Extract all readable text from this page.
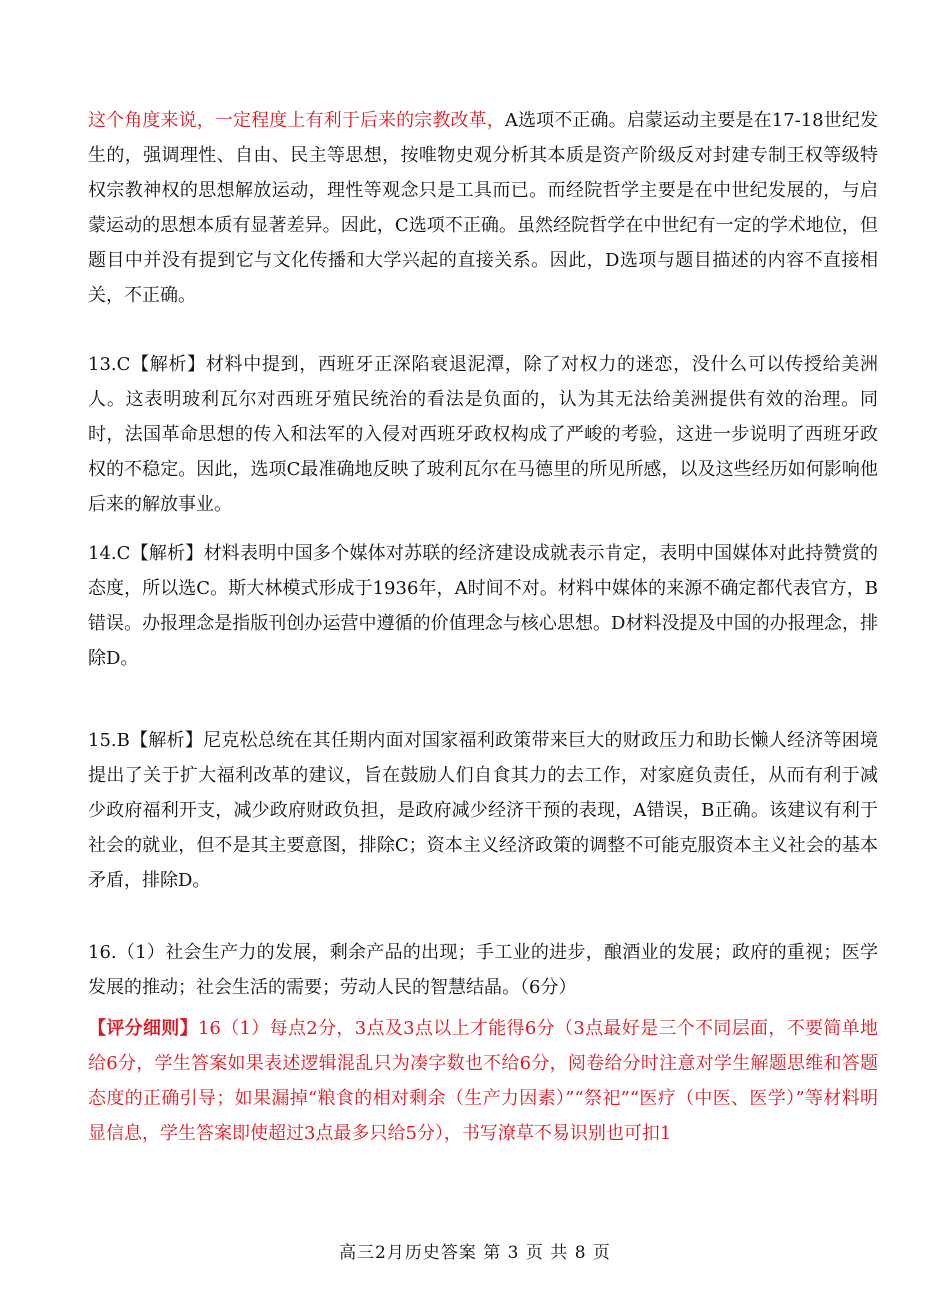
这个角度来说，一定程度上有利于后来的宗教改革，A选项不正确。启蒙运动主要是在17-18世纪发生的，强调理性、自由、民主等思想，按唯物史观分析其本质是资产阶级反对封建专制王权等级特权宗教神权的思想解放运动，理性等观念只是工具而已。而经院哲学主要是在中世纪发展的，与启蒙运动的思想本质有显著差异。因此，C选项不正确。虽然经院哲学在中世纪有一定的学术地位，但题目中并没有提到它与文化传播和大学兴起的直接关系。因此，D选项与题目描述的内容不直接相关，不正确。

13.C【解析】材料中提到，西班牙正深陷衰退泥潭，除了对权力的迷恋，没什么可以传授给美洲人。这表明玻利瓦尔对西班牙殖民统治的看法是负面的，认为其无法给美洲提供有效的治理。同时，法国革命思想的传入和法军的入侵对西班牙政权构成了严峻的考验，这进一步说明了西班牙政权的不稳定。因此，选项C最准确地反映了玻利瓦尔在马德里的所见所感，以及这些经历如何影响他后来的解放事业。

14.C【解析】材料表明中国多个媒体对苏联的经济建设成就表示肯定，表明中国媒体对此持赞赏的态度，所以选C。斯大林模式形成于1936年，A时间不对。材料中媒体的来源不确定都代表官方，B错误。办报理念是指版刊创办运营中遵循的价值理念与核心思想。D材料没提及中国的办报理念，排除D。

15.B【解析】尼克松总统在其任期内面对国家福利政策带来巨大的财政压力和助长懒人经济等困境提出了关于扩大福利改革的建议，旨在鼓励人们自食其力的去工作，对家庭负责任，从而有利于减少政府福利开支，减少政府财政负担，是政府减少经济干预的表现，A错误，B正确。该建议有利于社会的就业，但不是其主要意图，排除C；资本主义经济政策的调整不可能克服资本主义社会的基本矛盾，排除D。

16.（1）社会生产力的发展，剩余产品的出现；手工业的进步，酿酒业的发展；政府的重视；医学发展的推动；社会生活的需要；劳动人民的智慧结晶。（6分）

【评分细则】16（1）每点2分，3点及3点以上才能得6分（3点最好是三个不同层面，不要简单地给6分，学生答案如果表述逻辑混乱只为凑字数也不给6分，阅卷给分时注意对学生解题思维和答题态度的正确引导；如果漏掉“粮食的相对剩余（生产力因素）”“祭祀”“医疗（中医、医学）”等材料明显信息，学生答案即使超过3点最多只给5分），书写潦草不易识别也可扣1

高三2月历史答案 第 3 页 共 8 页
